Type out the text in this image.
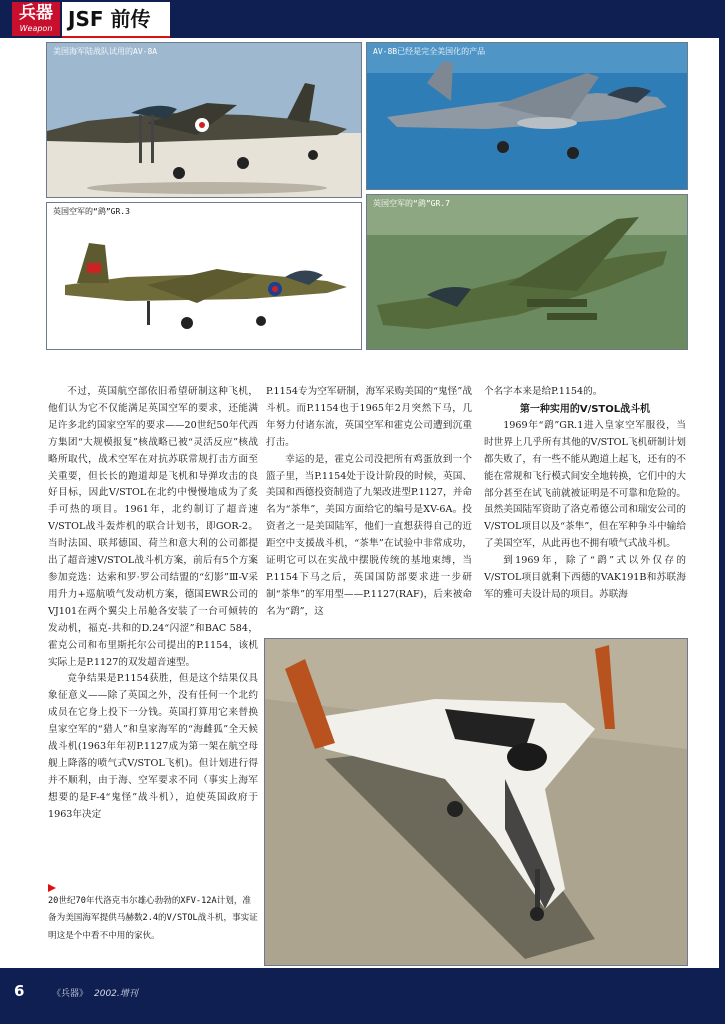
兵器
Weapon JSF 前传
美国海军陆战队试用的AV-8A	AV-8B已经是完全美国化的产品
英国空军的“鹞”GR.3
英国空军的“鹞”GR.7

不过，英国航空部依旧希望研制这种飞机，他们认为它不仅能满足英国空军的要求，还能满足许多北约国家空军的要求——20世纪50年代西方集团“大规模报复”核战略已被“灵活反应”核战略所取代，战术空军在对抗苏联常规打击方面至关重要，但长长的跑道却是飞机和导弹攻击的良好目标，因此V/STOL在北约中慢慢地成为了炙手可热的项目。1961年，北约制订了超音速V/STOL战斗轰炸机的联合计划书，即GOR-2。当时法国、联邦德国、荷兰和意大利的公司都提出了超音速V/STOL战斗机方案，前后有5个方案参加竞选：达索和罗·罗公司结盟的“幻影”Ⅲ-V采用升力+巡航喷气发动机方案，德国EWR公司的VJ101在两个翼尖上吊舱各安装了一台可倾转的发动机，福克-共和的D.24“闪涩”和BAC 584，霍克公司和布里斯托尔公司提出的P.1154，该机实际上是P.1127的双发超音速型。

竞争结果是P.1154获胜，但是这个结果仅具象征意义——除了英国之外，没有任何一个北约成员在它身上投下一分钱。英国打算用它来替换皇家空军的“猎人”和皇家海军的“海雌狐”全天候战斗机(1963年年初P.1127成为第一架在航空母舰上降落的喷气式V/STOL飞机)。但计划进行得并不顺利，由于海、空军要求不同（事实上海军想要的是F-4“鬼怪”战斗机），迫使英国政府于1963年决定

20世纪70年代洛克韦尔雄心勃勃的XFV-12A计划，准备为美国海军提供马赫数2.4的V/STOL战斗机，事实证明这是个中看不中用的家伙。

P.1154专为空军研制，海军采购美国的“鬼怪”战斗机。而P.1154也于1965年2月突然下马，几年努力付诸东流，英国空军和霍克公司遭到沉重打击。

幸运的是，霍克公司没把所有鸡蛋放到一个篮子里，当P.1154处于设计阶段的时候，英国、美国和西德投资制造了九架改进型P.1127，并命名为“茶隼”，美国方面给它的编号是XV-6A。投资者之一是美国陆军，他们一直想获得自己的近距空中支援战斗机，“茶隼”在试验中非常成功，证明它可以在实战中摆脱传统的基地束缚，当P.1154下马之后，英国国防部要求进一步研制“茶隼”的军用型——P.1127(RAF)，后来被命名为“鹞”，这

个名字本来是给P.1154的。

第一种实用的V/STOL战斗机

1969年“鹞”GR.1进入皇家空军服役，当时世界上几乎所有其他的V/STOL飞机研制计划都失败了，有一些不能从跑道上起飞，还有的不能在常规和飞行模式间安全地转换，它们中的大部分甚至在试飞前就被证明是不可靠和危险的。虽然美国陆军资助了洛克希德公司和瑞安公司的V/STOL项目以及“茶隼”，但在军种争斗中输给了美国空军，从此再也不拥有喷气式战斗机。

到1969年，除了“鹞”式以外仅存的V/STOL项目就剩下西德的VAK191B和苏联海军的雅可夫设计局的项目。苏联海

6	《兵器》 2002.增刊
